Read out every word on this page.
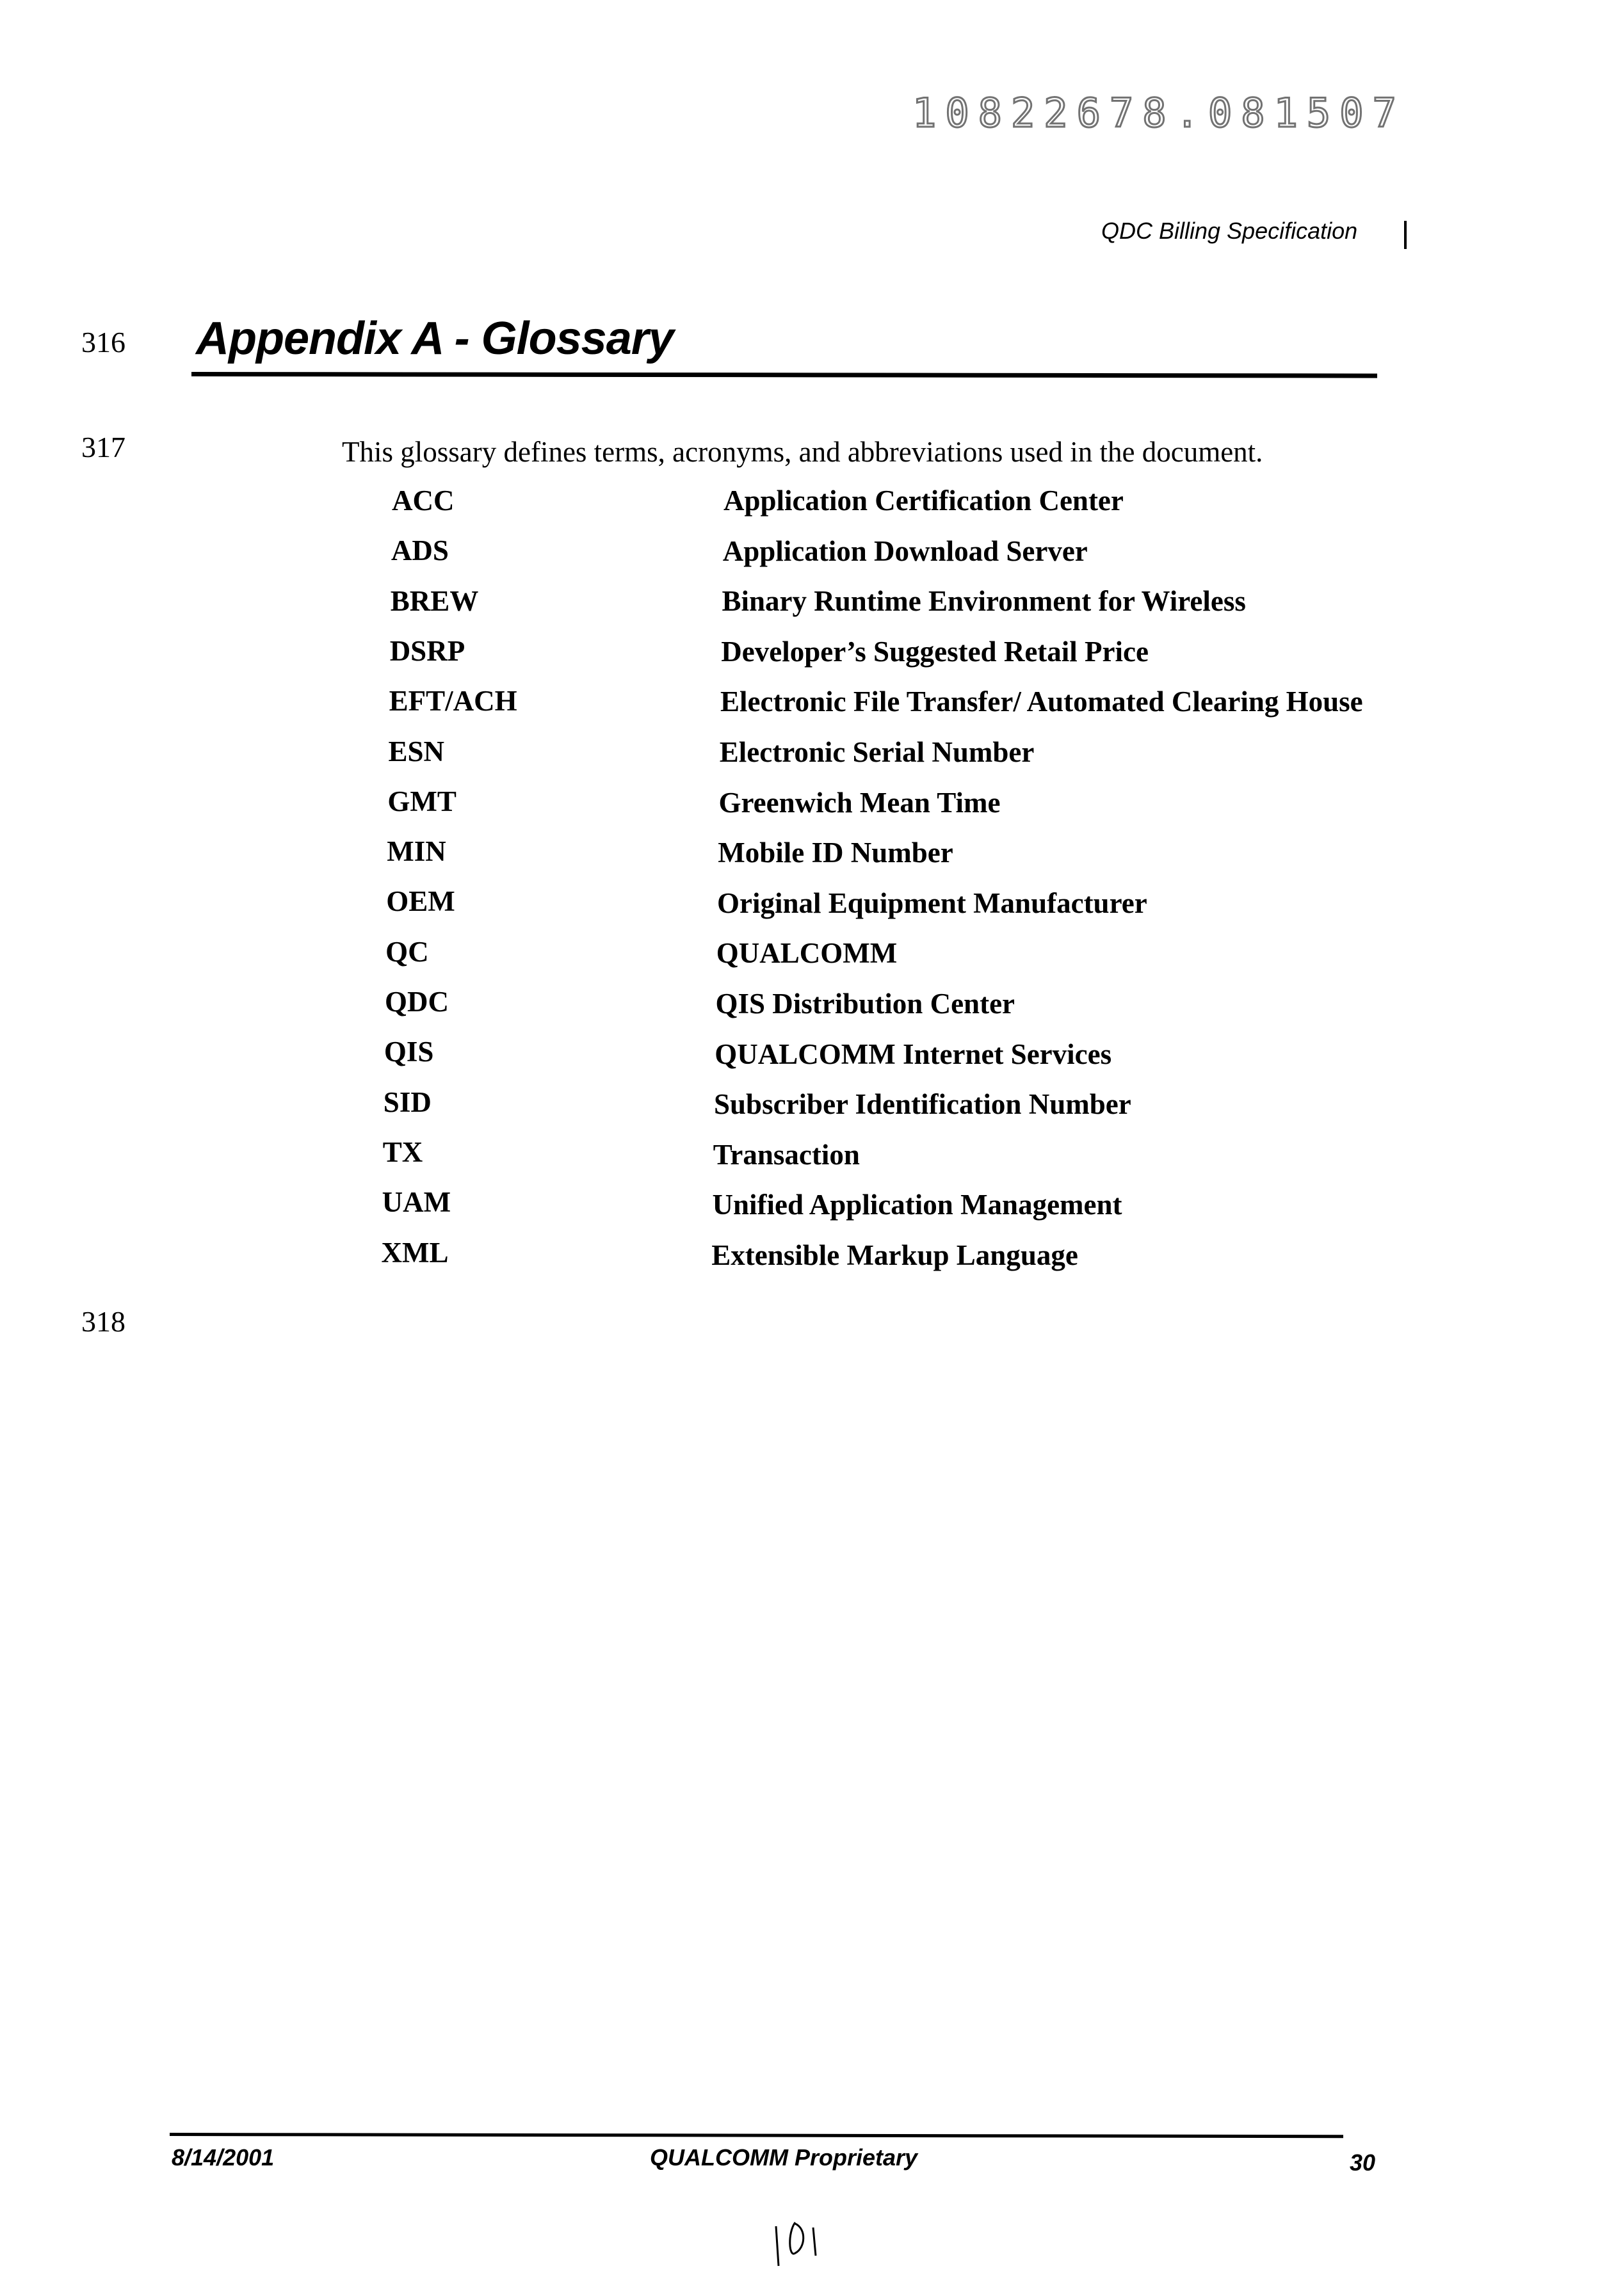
10822678.081507
QDC Billing Specification
316 Appendix A - Glossary
317	This glossary defines terms, acronyms, and abbreviations used in the document.
ACC	Application Certification Center
ADS	Application Download Server
BREW	Binary Runtime Environment for Wireless
DSRP	Developer’s Suggested Retail Price
EFT/ACH	Electronic File Transfer/ Automated Clearing House
ESN	Electronic Serial Number
GMT	Greenwich Mean Time
MIN	Mobile ID Number
OEM	Original Equipment Manufacturer
QC	QUALCOMM
QDC	QIS Distribution Center
QIS	QUALCOMM Internet Services
SID	Subscriber Identification Number
TX	Transaction
UAM	Unified Application Management
XML	Extensible Markup Language
318
8/14/2001	QUALCOMM Proprietary	30
